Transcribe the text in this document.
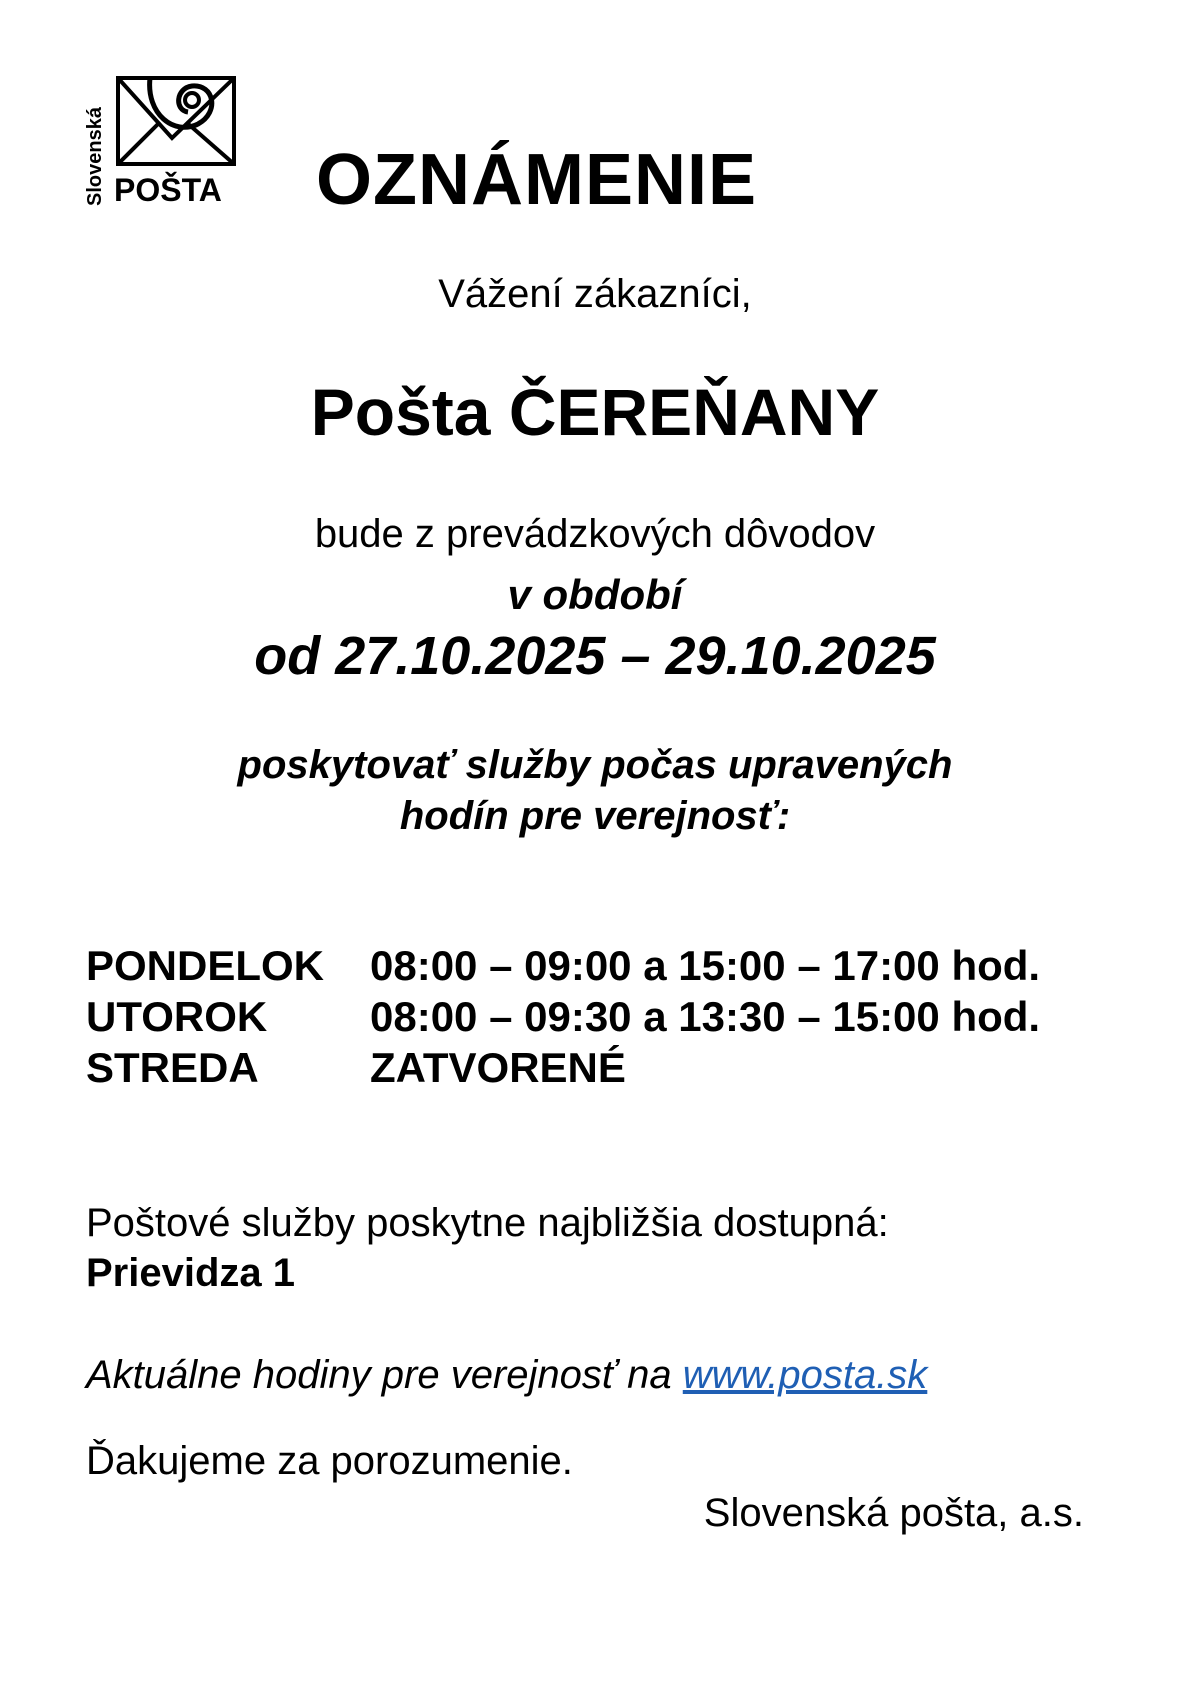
Slovenská POŠTA OZNÁMENIE
Vážení zákazníci,
Pošta ČEREŇANY
bude z prevádzkových dôvodov
v období
od 27.10.2025 – 29.10.2025
poskytovať služby počas upravených
hodín pre verejnosť:
PONDELOK	08:00 – 09:00 a 15:00 – 17:00 hod.
UTOROK	08:00 – 09:30 a 13:30 – 15:00 hod.
STREDA	ZATVORENÉ
Poštové služby poskytne najbližšia dostupná:
Prievidza 1
Aktuálne hodiny pre verejnosť na www.posta.sk
Ďakujeme za porozumenie.
Slovenská pošta, a.s.
